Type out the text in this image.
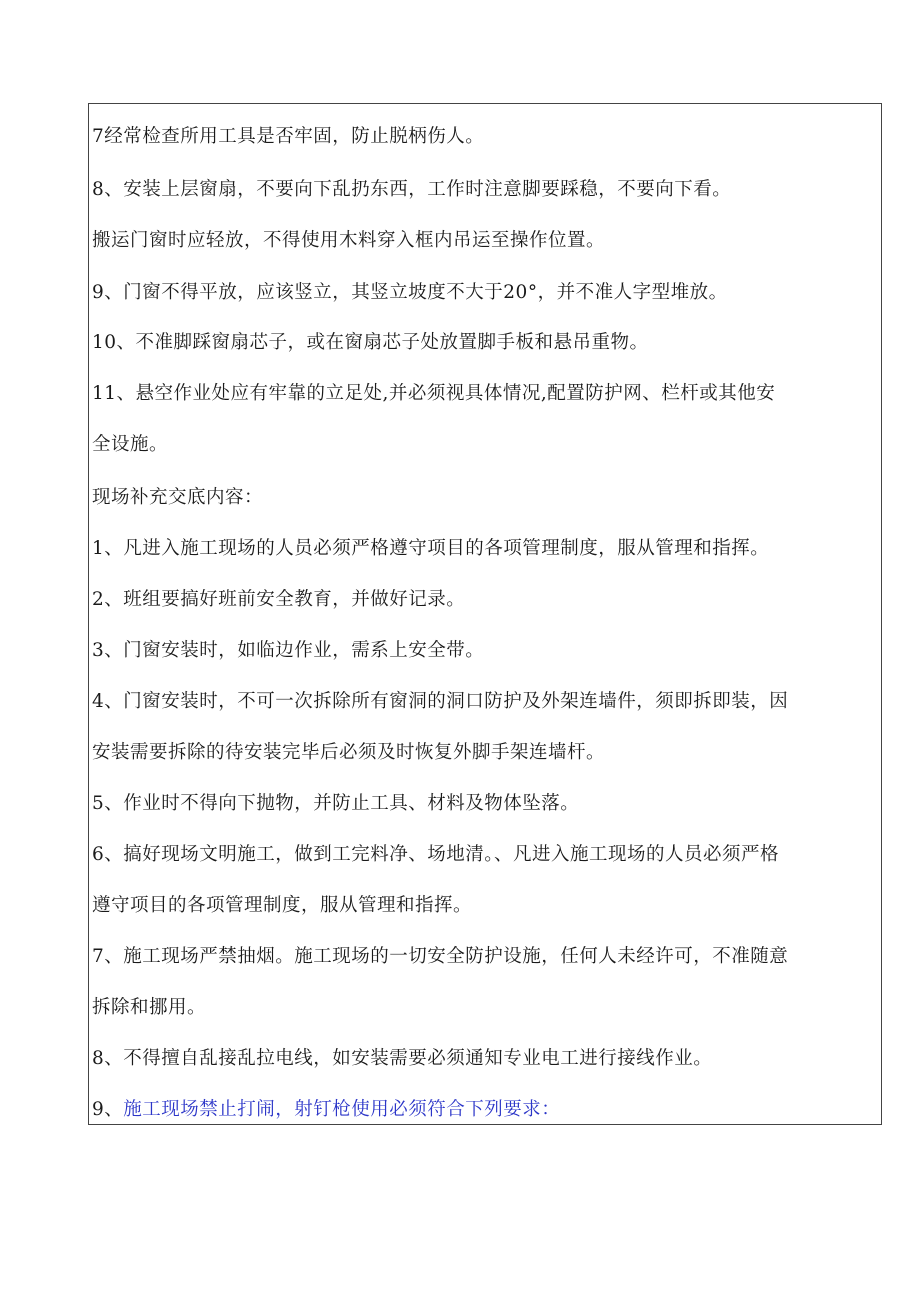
7经常检查所用工具是否牢固，防止脱柄伤人。
8、安装上层窗扇，不要向下乱扔东西，工作时注意脚要踩稳，不要向下看。
搬运门窗时应轻放，不得使用木料穿入框内吊运至操作位置。
9、门窗不得平放，应该竖立，其竖立坡度不大于20°，并不准人字型堆放。
10、不准脚踩窗扇芯子，或在窗扇芯子处放置脚手板和悬吊重物。
11、悬空作业处应有牢靠的立足处,并必须视具体情况,配置防护网、栏杆或其他安
全设施。
现场补充交底内容：
1、凡进入施工现场的人员必须严格遵守项目的各项管理制度，服从管理和指挥。
2、班组要搞好班前安全教育，并做好记录。
3、门窗安装时，如临边作业，需系上安全带。
4、门窗安装时，不可一次拆除所有窗洞的洞口防护及外架连墙件，须即拆即装，因
安装需要拆除的待安装完毕后必须及时恢复外脚手架连墙杆。
5、作业时不得向下抛物，并防止工具、材料及物体坠落。
6、搞好现场文明施工，做到工完料净、场地清。、凡进入施工现场的人员必须严格
遵守项目的各项管理制度，服从管理和指挥。
7、施工现场严禁抽烟。施工现场的一切安全防护设施，任何人未经许可，不准随意
拆除和挪用。
8、不得擅自乱接乱拉电线，如安装需要必须通知专业电工进行接线作业。
9、施工现场禁止打闹，射钉枪使用必须符合下列要求：
